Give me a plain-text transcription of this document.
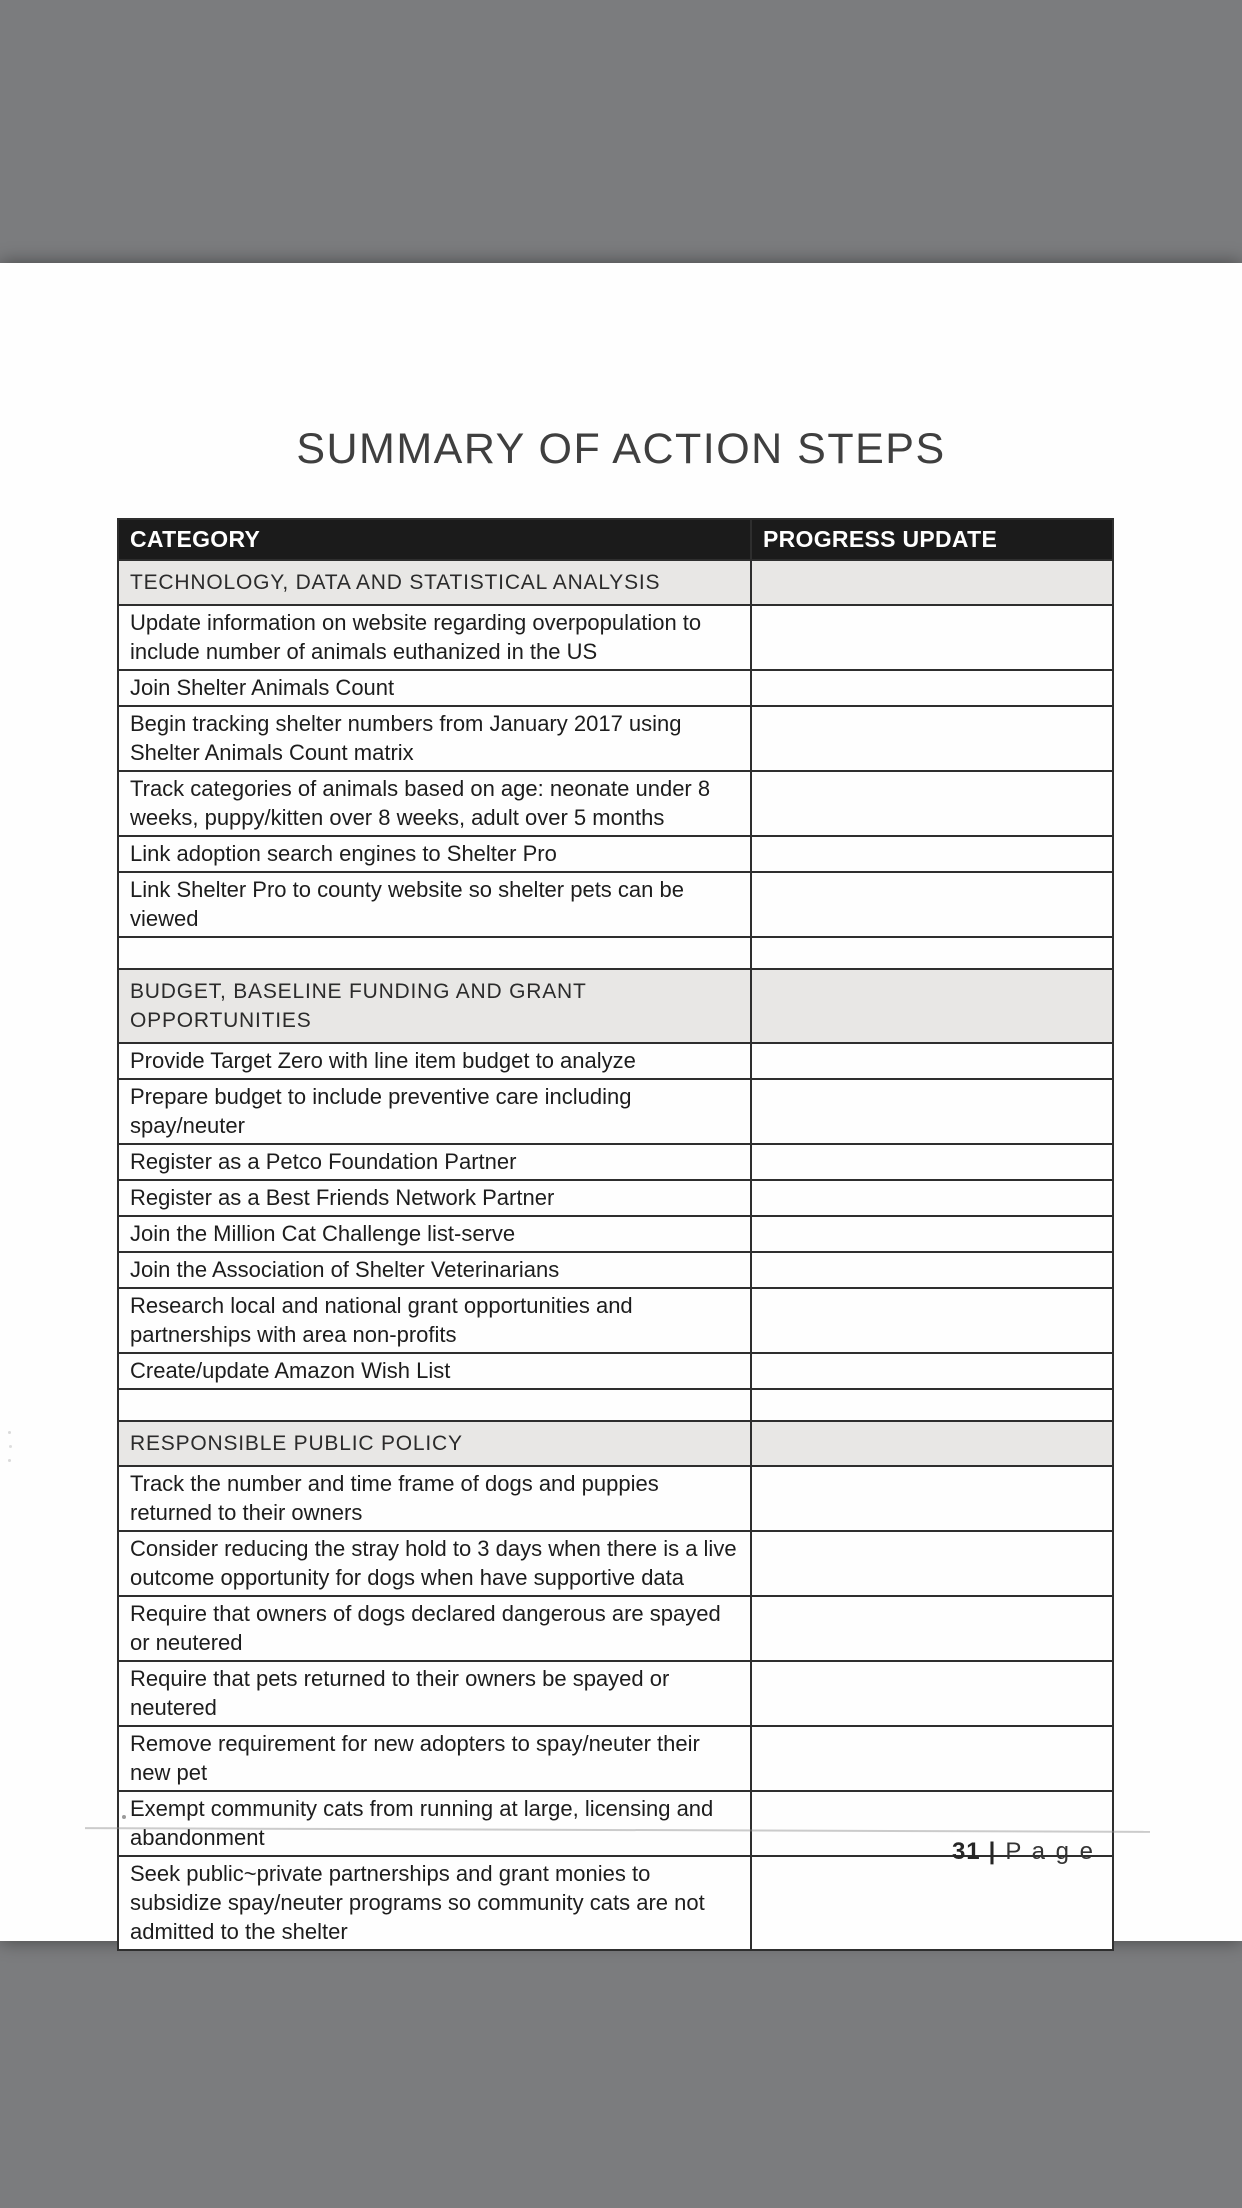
SUMMARY OF ACTION STEPS
CATEGORY	PROGRESS UPDATE
TECHNOLOGY, DATA AND STATISTICAL ANALYSIS	
Update information on website regarding overpopulation to include number of animals euthanized in the US	
Join Shelter Animals Count	
Begin tracking shelter numbers from January 2017 using Shelter Animals Count matrix	
Track categories of animals based on age: neonate under 8 weeks, puppy/kitten over 8 weeks, adult over 5 months	
Link adoption search engines to Shelter Pro	
Link Shelter Pro to county website so shelter pets can be viewed	

BUDGET, BASELINE FUNDING AND GRANT OPPORTUNITIES	
Provide Target Zero with line item budget to analyze	
Prepare budget to include preventive care including spay/neuter	
Register as a Petco Foundation Partner	
Register as a Best Friends Network Partner	
Join the Million Cat Challenge list-serve	
Join the Association of Shelter Veterinarians	
Research local and national grant opportunities and partnerships with area non-profits	
Create/update Amazon Wish List	

RESPONSIBLE PUBLIC POLICY	
Track the number and time frame of dogs and puppies returned to their owners	
Consider reducing the stray hold to 3 days when there is a live outcome opportunity for dogs when have supportive data	
Require that owners of dogs declared dangerous are spayed or neutered	
Require that pets returned to their owners be spayed or neutered	
Remove requirement for new adopters to spay/neuter their new pet	
Exempt community cats from running at large, licensing and abandonment	
Seek public~private partnerships and grant monies to subsidize spay/neuter programs so community cats are not admitted to the shelter	
31 | P a g e
